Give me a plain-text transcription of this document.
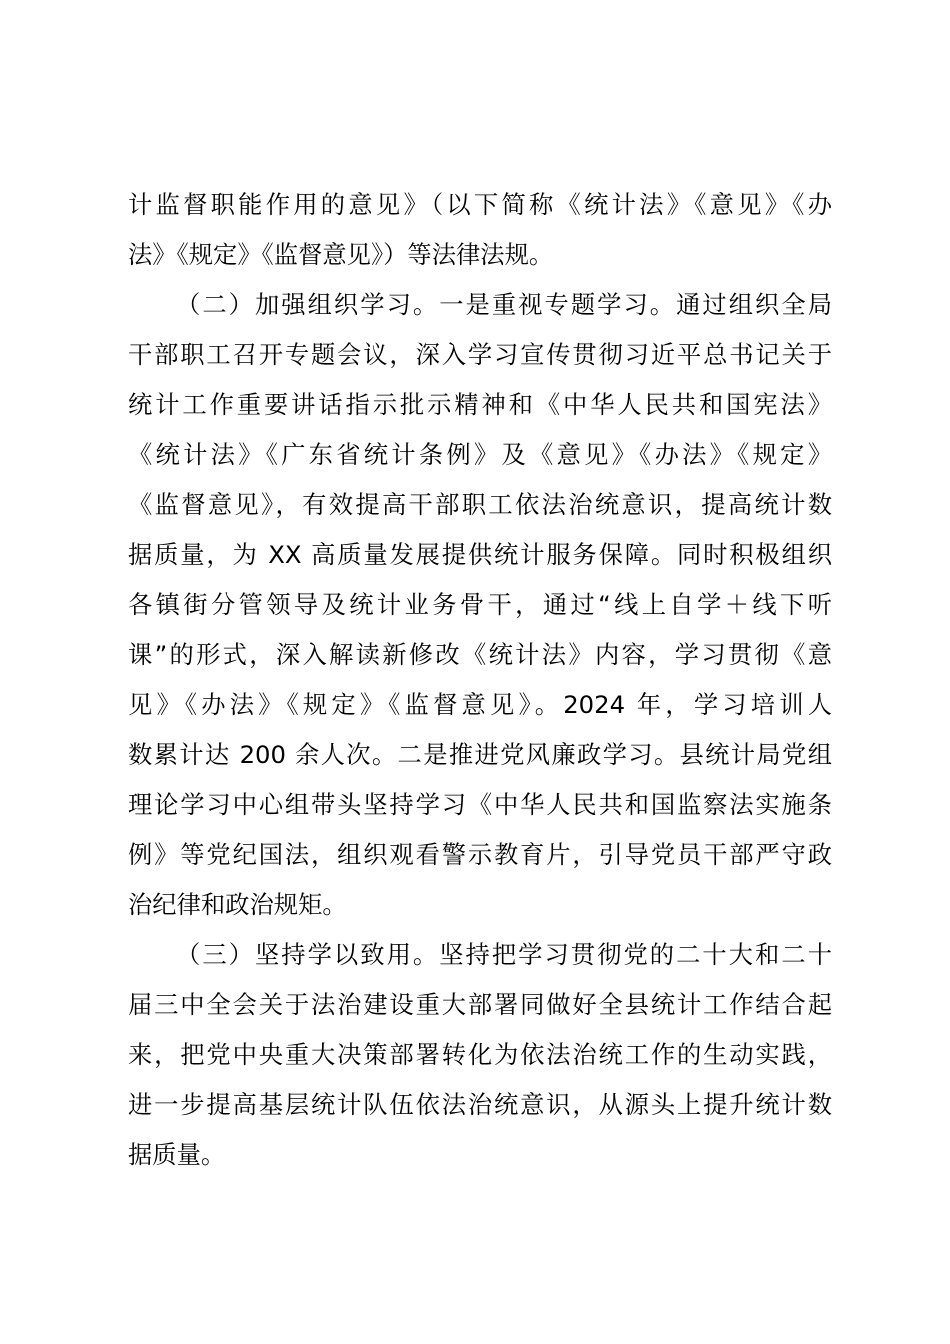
计监督职能作用的意见》（以下简称《统计法》《意见》《办
法》《规定》《监督意见》）等法律法规。
（二）加强组织学习。一是重视专题学习。通过组织全局
干部职工召开专题会议，深入学习宣传贯彻习近平总书记关于
统计工作重要讲话指示批示精神和《中华人民共和国宪法》
《统计法》《广东省统计条例》及《意见》《办法》《规定》
《监督意见》，有效提高干部职工依法治统意识，提高统计数
据质量，为 XX 高质量发展提供统计服务保障。同时积极组织
各镇街分管领导及统计业务骨干，通过“线上自学＋线下听
课”的形式，深入解读新修改《统计法》内容，学习贯彻《意
见》《办法》《规定》《监督意见》。2024 年，学习培训人
数累计达 200 余人次。二是推进党风廉政学习。县统计局党组
理论学习中心组带头坚持学习《中华人民共和国监察法实施条
例》等党纪国法，组织观看警示教育片，引导党员干部严守政
治纪律和政治规矩。
（三）坚持学以致用。坚持把学习贯彻党的二十大和二十
届三中全会关于法治建设重大部署同做好全县统计工作结合起
来，把党中央重大决策部署转化为依法治统工作的生动实践，
进一步提高基层统计队伍依法治统意识，从源头上提升统计数
据质量。
